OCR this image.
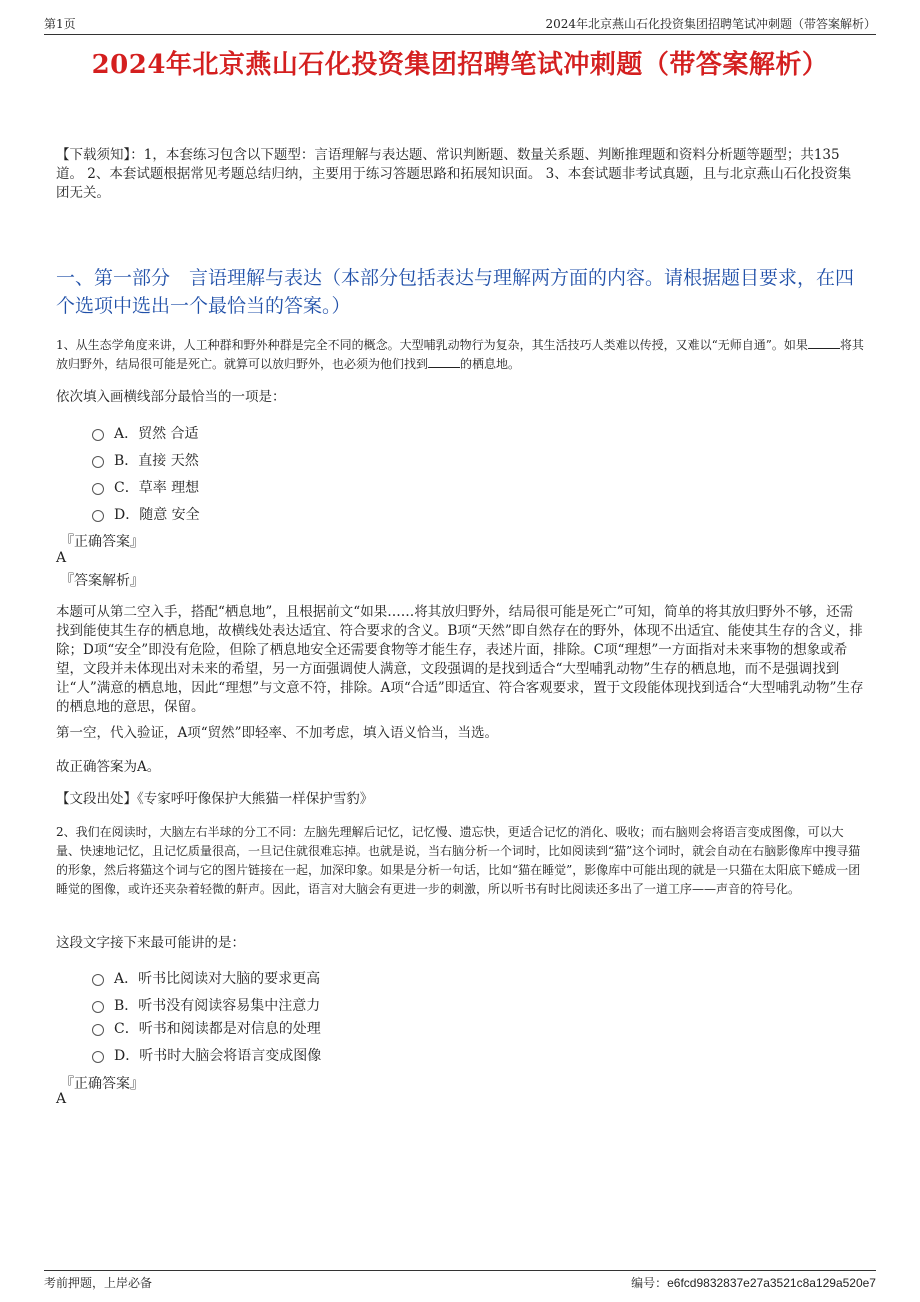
第1页	2024年北京燕山石化投资集团招聘笔试冲刺题（带答案解析）
2024年北京燕山石化投资集团招聘笔试冲刺题（带答案解析）
【下载须知】：1，本套练习包含以下题型：言语理解与表达题、常识判断题、数量关系题、判断推理题和资料分析题等题型；共135道。 2、本套试题根据常见考题总结归纳，主要用于练习答题思路和拓展知识面。 3、本套试题非考试真题，且与北京燕山石化投资集团无关。
一、第一部分　言语理解与表达（本部分包括表达与理解两方面的内容。请根据题目要求，在四个选项中选出一个最恰当的答案。）
1、从生态学角度来讲，人工种群和野外种群是完全不同的概念。大型哺乳动物行为复杂，其生活技巧人类难以传授，又难以“无师自通”。如果	将其放归野外，结局很可能是死亡。就算可以放归野外，也必须为他们找到	的栖息地。
依次填入画横线部分最恰当的一项是：
A．贸然 合适
B．直接 天然
C．草率 理想
D．随意 安全
『正确答案』
A
『答案解析』
本题可从第二空入手，搭配“栖息地”，且根据前文“如果……将其放归野外，结局很可能是死亡”可知，简单的将其放归野外不够，还需找到能使其生存的栖息地，故横线处表达适宜、符合要求的含义。B项“天然”即自然存在的野外，体现不出适宜、能使其生存的含义，排除；D项“安全”即没有危险，但除了栖息地安全还需要食物等才能生存，表述片面，排除。C项“理想”一方面指对未来事物的想象或希望，文段并未体现出对未来的希望，另一方面强调使人满意，文段强调的是找到适合“大型哺乳动物”生存的栖息地，而不是强调找到让“人”满意的栖息地，因此“理想”与文意不符，排除。A项“合适”即适宜、符合客观要求，置于文段能体现找到适合“大型哺乳动物”生存的栖息地的意思，保留。
第一空，代入验证，A项“贸然”即轻率、不加考虑，填入语义恰当，当选。
故正确答案为A。
【文段出处】《专家呼吁像保护大熊猫一样保护雪豹》
2、我们在阅读时，大脑左右半球的分工不同：左脑先理解后记忆，记忆慢、遗忘快，更适合记忆的消化、吸收；而右脑则会将语言变成图像，可以大量、快速地记忆，且记忆质量很高，一旦记住就很难忘掉。也就是说，当右脑分析一个词时，比如阅读到“猫”这个词时，就会自动在右脑影像库中搜寻猫的形象，然后将猫这个词与它的图片链接在一起，加深印象。如果是分析一句话，比如“猫在睡觉”，影像库中可能出现的就是一只猫在太阳底下蜷成一团睡觉的图像，或许还夹杂着轻微的鼾声。因此，语言对大脑会有更进一步的刺激，所以听书有时比阅读还多出了一道工序——声音的符号化。
这段文字接下来最可能讲的是：
A．听书比阅读对大脑的要求更高
B．听书没有阅读容易集中注意力
C．听书和阅读都是对信息的处理
D．听书时大脑会将语言变成图像
『正确答案』
A
考前押题，上岸必备	编号：e6fcd9832837e27a3521c8a129a520e7
